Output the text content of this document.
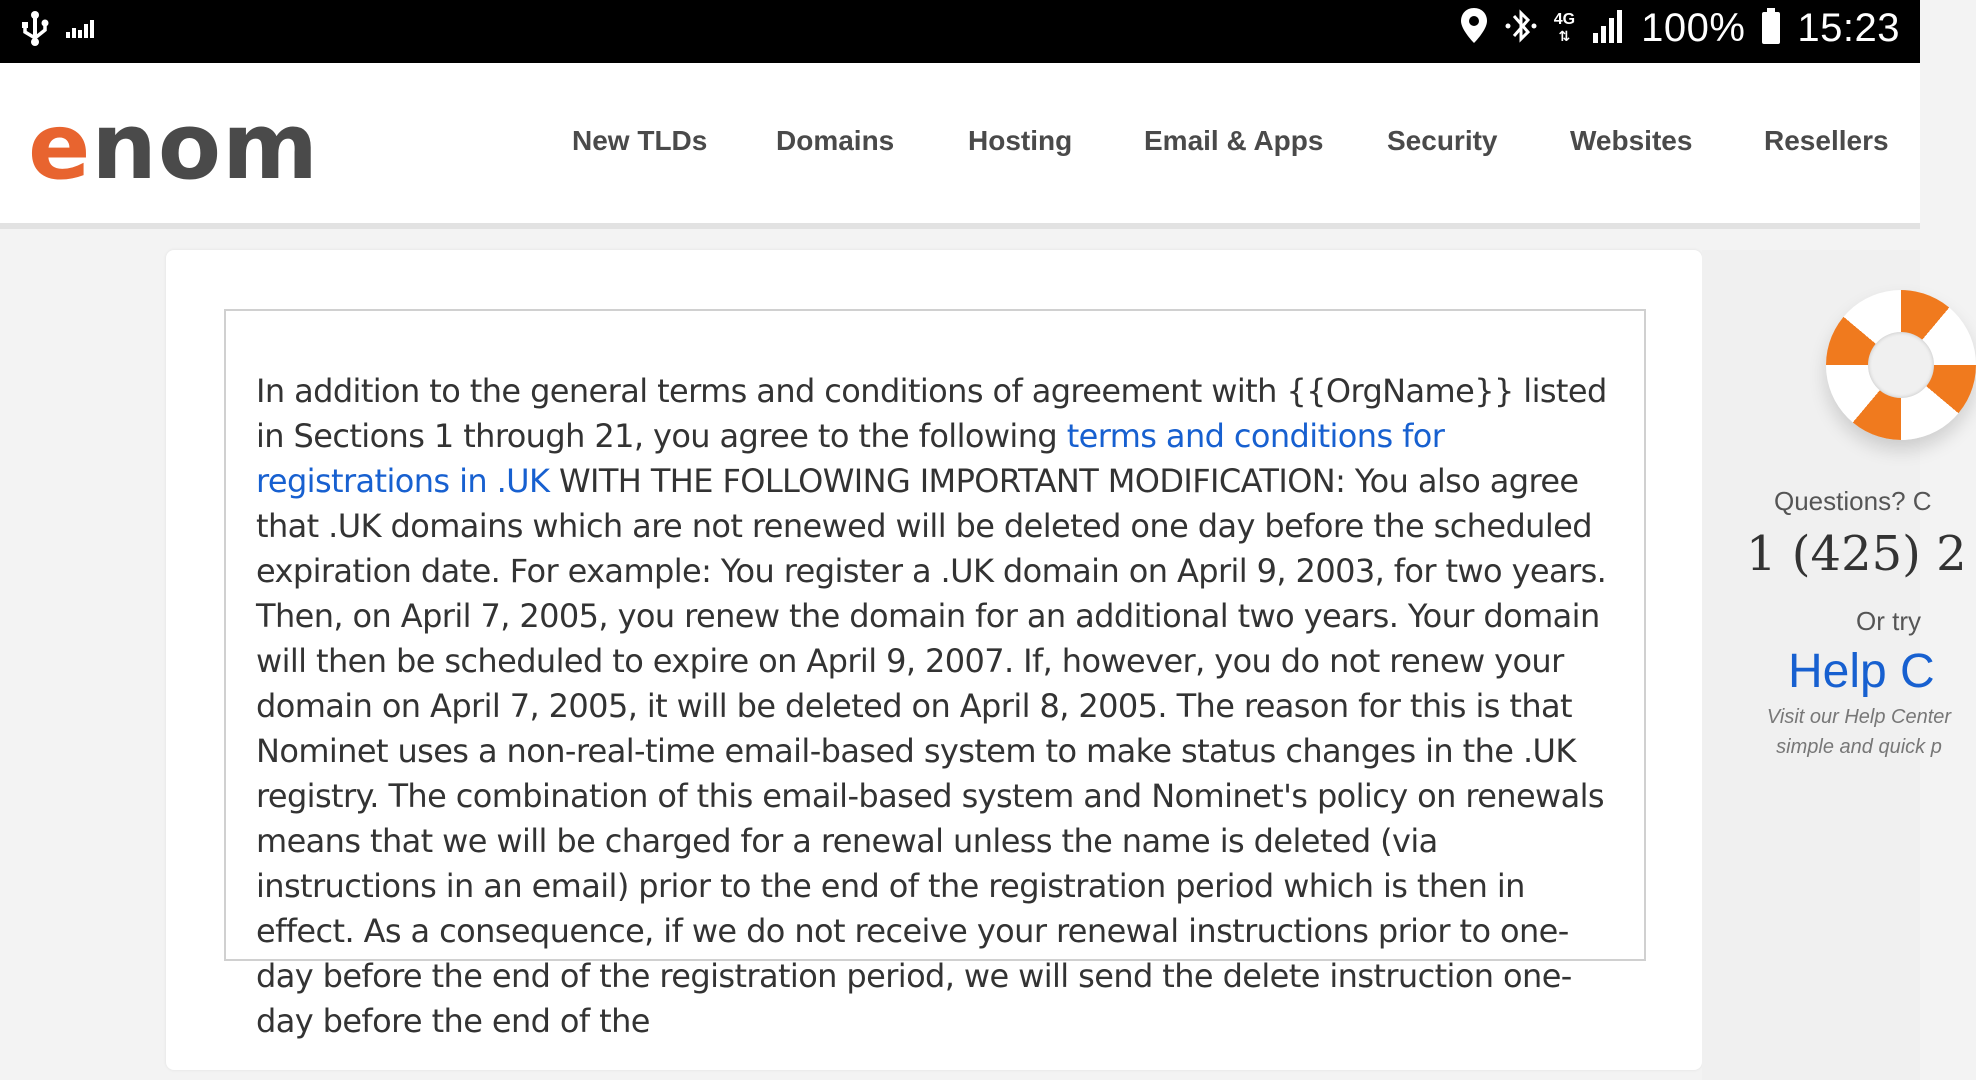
4G
⇅ 100% 15:23
enom	New TLDs Domains	Hosting	Email & Apps Security	Websites	Resellers
In addition to the general terms and conditions of agreement with {{OrgName}} listed in Sections 1 through 21, you agree to the following terms and conditions for registrations in .UK WITH THE FOLLOWING IMPORTANT MODIFICATION: You also agree that .UK domains which are not renewed will be deleted one day before the scheduled expiration date. For example: You register a .UK domain on April 9, 2003, for two years. Then, on April 7, 2005, you renew the domain for an additional two years. Your domain will then be scheduled to expire on April 9, 2007. If, however, you do not renew your domain on April 7, 2005, it will be deleted on April 8, 2005. The reason for this is that Nominet uses a non-real-time email-based system to make status changes in the .UK registry. The combination of this email-based system and Nominet's policy on renewals means that we will be charged for a renewal unless the name is deleted (via instructions in an email) prior to the end of the registration period which is then in effect. As a consequence, if we do not receive your renewal instructions prior to one-day before the end of the registration period, we will send the delete instruction one-day before the end of the
Questions? C
1 (425) 2
Or try
Help C
Visit our Help Center
simple and quick p
